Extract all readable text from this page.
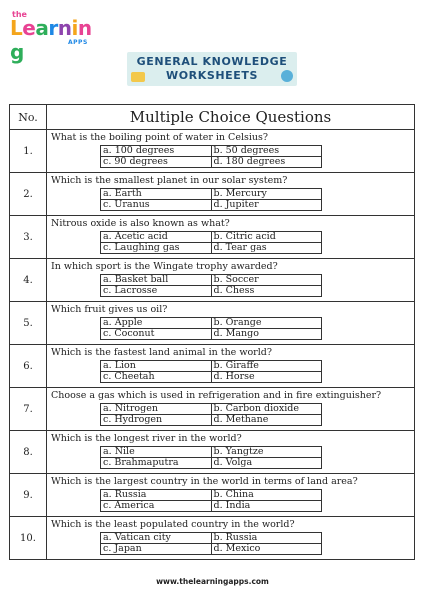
the
Learning	APPS
GENERAL KNOWLEDGE
WORKSHEETS
No.	Multiple Choice Questions
1.	
What is the boiling point of water in Celsius?
a. 100 degrees	b. 50 degrees
c. 90 degrees	d. 180 degrees

2.	
Which is the smallest planet in our solar system?
a. Earth	b. Mercury
c. Uranus	d. Jupiter

3.	
Nitrous oxide is also known as what?
a. Acetic acid	b. Citric acid
c. Laughing gas	d. Tear gas

4.	
In which sport is the Wingate trophy awarded?
a. Basket ball	b. Soccer
c. Lacrosse	d. Chess

5.	
Which fruit gives us oil?
a. Apple	b. Orange
c. Coconut	d. Mango

6.	
Which is the fastest land animal in the world?
a. Lion	b. Giraffe
c. Cheetah	d. Horse

7.	
Choose a gas which is used in refrigeration and in fire extinguisher?
a. Nitrogen	b. Carbon dioxide
c. Hydrogen	d. Methane

8.	
Which is the longest river in the world?
a. Nile	b. Yangtze
c. Brahmaputra	d. Volga

9.	
Which is the largest country in the world in terms of land area?
a. Russia	b. China
c. America	d. India

10.	
Which is the least populated country in the world?
a. Vatican city	b. Russia
c. Japan	d. Mexico
www.thelearningapps.com
